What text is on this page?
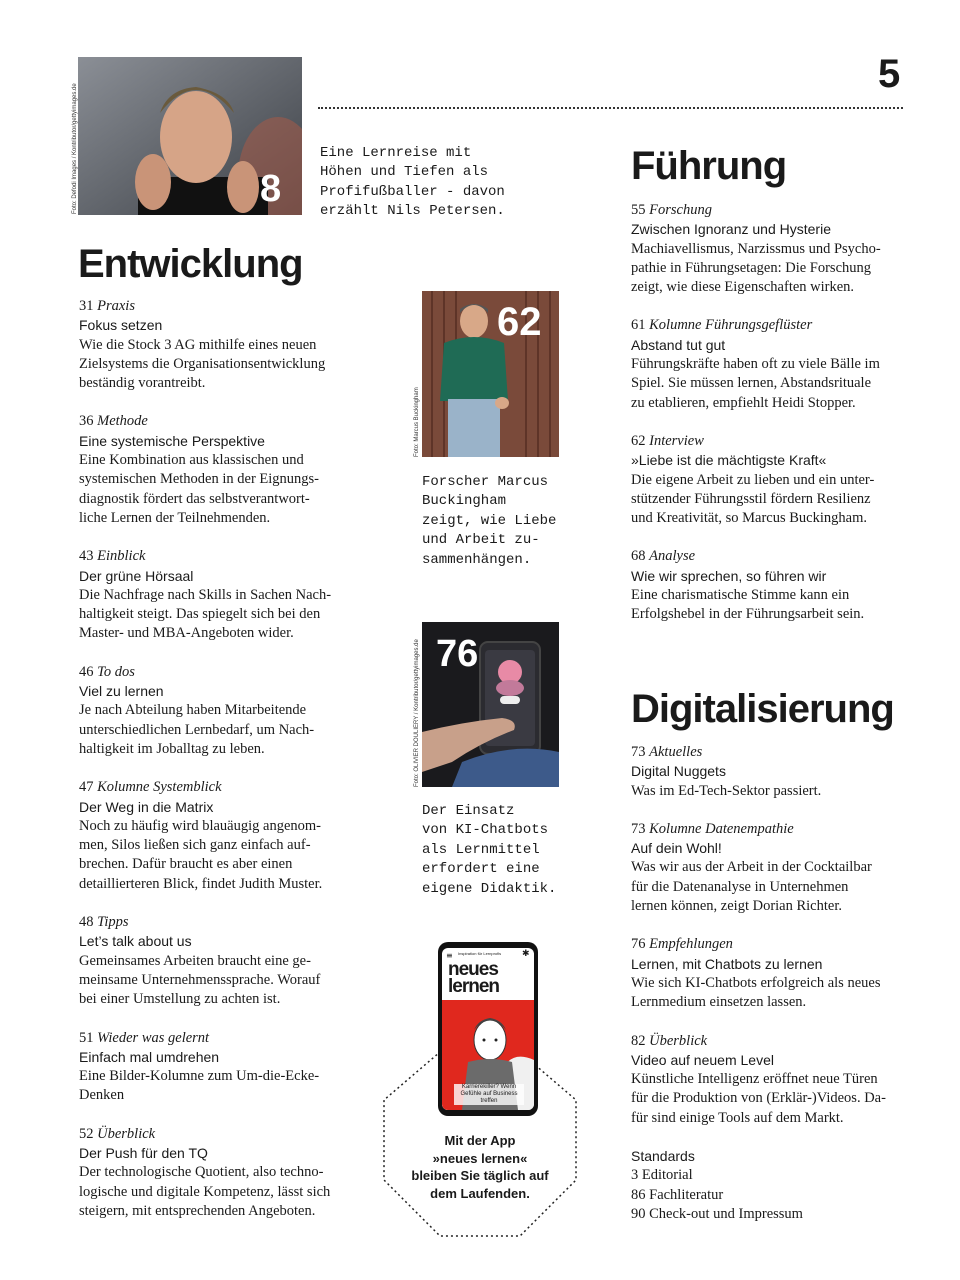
5
8
Foto: Defodi Images / Kontributor/gettyimages.de	Eine Lernreise mit
Höhen und Tiefen als
Profifußballer - davon
erzählt Nils Petersen.
Entwicklung
31 Praxis
Fokus setzen
Wie die Stock 3 AG mithilfe eines neuen
Zielsystems die Organisationsentwicklung
beständig vorantreibt.
36 Methode
Eine systemische Perspektive
Eine Kombination aus klassischen und
systemischen Methoden in der Eignungs-
diagnostik fördert das selbstverantwort-
liche Lernen der Teilnehmenden.
43 Einblick
Der grüne Hörsaal
Die Nachfrage nach Skills in Sachen Nach-
haltigkeit steigt. Das spiegelt sich bei den
Master- und MBA-Angeboten wider.
46 To dos
Viel zu lernen
Je nach Abteilung haben Mitarbeitende
unterschiedlichen Lernbedarf, um Nach-
haltigkeit im Joballtag zu leben.
47 Kolumne Systemblick
Der Weg in die Matrix
Noch zu häufig wird blauäugig angenom-
men, Silos ließen sich ganz einfach auf-
brechen. Dafür braucht es aber einen
detaillierteren Blick, findet Judith Muster.
48 Tipps
Let’s talk about us
Gemeinsames Arbeiten braucht eine ge-
meinsame Unternehmenssprache. Worauf
bei einer Umstellung zu achten ist.
51 Wieder was gelernt
Einfach mal umdrehen
Eine Bilder-Kolumne zum Um-die-Ecke-
Denken
52 Überblick
Der Push für den TQ
Der technologische Quotient, also techno-
logische und digitale Kompetenz, lässt sich
steigern, mit entsprechenden Angeboten.
62
Foto: Marcus Buckingham
Forscher Marcus
Buckingham
zeigt, wie Liebe
und Arbeit zu-
sammenhängen.
76
Foto: OLIVIER DOULIERY / Kontributor/gettyimages.de
Der Einsatz
von KI-Chatbots
als Lernmittel
erfordert eine
eigene Didaktik.
≡ Inspiration für Lernprofis	✱
neues
lernen
Karrierekiller? Wenn Gefühle auf Business treffen
Mit der App
»neues lernen«
bleiben Sie täglich auf
dem Laufenden.
Führung
55 Forschung
Zwischen Ignoranz und Hysterie
Machiavellismus, Narzissmus und Psycho-
pathie in Führungsetagen: Die Forschung
zeigt, wie diese Eigenschaften wirken.
61 Kolumne Führungsgeflüster
Abstand tut gut
Führungskräfte haben oft zu viele Bälle im
Spiel. Sie müssen lernen, Abstandsrituale
zu etablieren, empfiehlt Heidi Stopper.
62 Interview
»Liebe ist die mächtigste Kraft«
Die eigene Arbeit zu lieben und ein unter-
stützender Führungsstil fördern Resilienz
und Kreativität, so Marcus Buckingham.
68 Analyse
Wie wir sprechen, so führen wir
Eine charismatische Stimme kann ein
Erfolgshebel in der Führungsarbeit sein.
Digitalisierung
73 Aktuelles
Digital Nuggets
Was im Ed-Tech-Sektor passiert.
73 Kolumne Datenempathie
Auf dein Wohl!
Was wir aus der Arbeit in der Cocktailbar
für die Datenanalyse in Unternehmen
lernen können, zeigt Dorian Richter.
76 Empfehlungen
Lernen, mit Chatbots zu lernen
Wie sich KI-Chatbots erfolgreich als neues
Lernmedium einsetzen lassen.
82 Überblick
Video auf neuem Level
Künstliche Intelligenz eröffnet neue Türen
für die Produktion von (Erklär-)Videos. Da-
für sind einige Tools auf dem Markt.
Standards
3 Editorial
86 Fachliteratur
90 Check-out und Impressum
